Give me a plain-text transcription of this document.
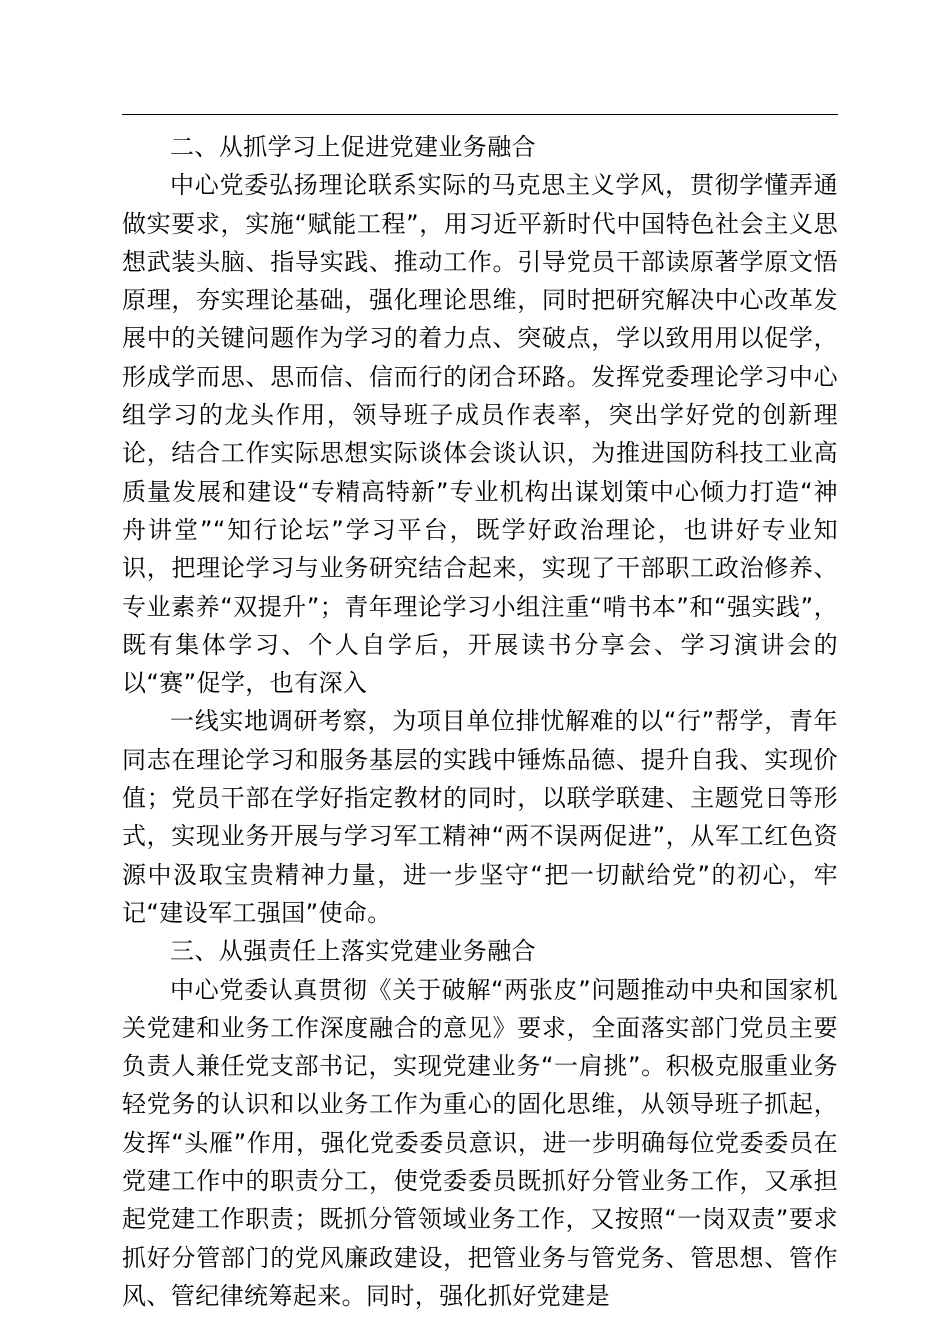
二、从抓学习上促进党建业务融合

中心党委弘扬理论联系实际的马克思主义学风，贯彻学懂弄通做实要求，实施“赋能工程”，用习近平新时代中国特色社会主义思想武装头脑、指导实践、推动工作。引导党员干部读原著学原文悟原理，夯实理论基础，强化理论思维，同时把研究解决中心改革发展中的关键问题作为学习的着力点、突破点，学以致用用以促学，形成学而思、思而信、信而行的闭合环路。发挥党委理论学习中心组学习的龙头作用，领导班子成员作表率，突出学好党的创新理论，结合工作实际思想实际谈体会谈认识，为推进国防科技工业高质量发展和建设“专精高特新”专业机构出谋划策中心倾力打造“神舟讲堂”“知行论坛”学习平台，既学好政治理论，也讲好专业知识，把理论学习与业务研究结合起来，实现了干部职工政治修养、专业素养“双提升”；青年理论学习小组注重“啃书本”和“强实践”，既有集体学习、个人自学后，开展读书分享会、学习演讲会的以“赛”促学，也有深入

一线实地调研考察，为项目单位排忧解难的以“行”帮学，青年同志在理论学习和服务基层的实践中锤炼品德、提升自我、实现价值；党员干部在学好指定教材的同时，以联学联建、主题党日等形式，实现业务开展与学习军工精神“两不误两促进”，从军工红色资源中汲取宝贵精神力量，进一步坚守“把一切献给党”的初心，牢记“建设军工强国”使命。

三、从强责任上落实党建业务融合

中心党委认真贯彻《关于破解“两张皮”问题推动中央和国家机关党建和业务工作深度融合的意见》要求，全面落实部门党员主要负责人兼任党支部书记，实现党建业务“一肩挑”。积极克服重业务轻党务的认识和以业务工作为重心的固化思维，从领导班子抓起，发挥“头雁”作用，强化党委委员意识，进一步明确每位党委委员在党建工作中的职责分工，使党委委员既抓好分管业务工作，又承担起党建工作职责；既抓分管领域业务工作，又按照“一岗双责”要求抓好分管部门的党风廉政建设，把管业务与管党务、管思想、管作风、管纪律统筹起来。同时，强化抓好党建是
